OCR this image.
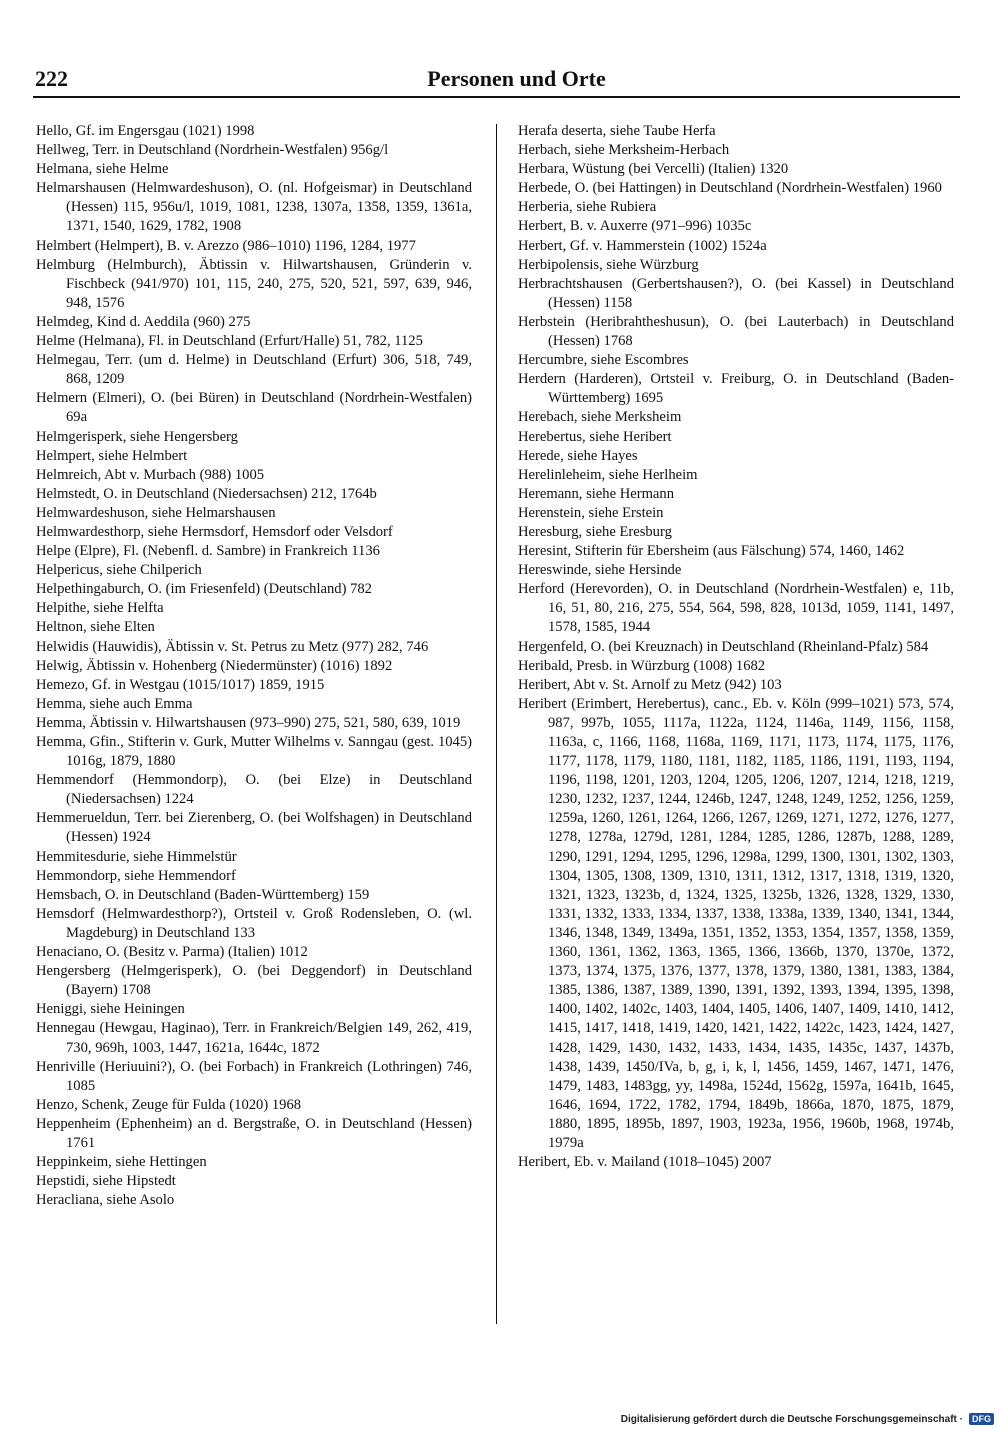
222	Personen und Orte

Hello, Gf. im Engersgau (1021) 1998

Hellweg, Terr. in Deutschland (Nordrhein-Westfalen) 956g/l

Helmana, siehe Helme

Helmarshausen (Helmwardeshuson), O. (nl. Hofgeismar) in Deutschland (Hessen) 115, 956u/l, 1019, 1081, 1238, 1307a, 1358, 1359, 1361a, 1371, 1540, 1629, 1782, 1908

Helmbert (Helmpert), B. v. Arezzo (986–1010) 1196, 1284, 1977

Helmburg (Helmburch), Äbtissin v. Hilwartshausen, Gründerin v. Fischbeck (941/970) 101, 115, 240, 275, 520, 521, 597, 639, 946, 948, 1576

Helmdeg, Kind d. Aeddila (960) 275

Helme (Helmana), Fl. in Deutschland (Erfurt/Halle) 51, 782, 1125

Helmegau, Terr. (um d. Helme) in Deutschland (Erfurt) 306, 518, 749, 868, 1209

Helmern (Elmeri), O. (bei Büren) in Deutschland (Nordrhein-Westfalen) 69a

Helmgerisperk, siehe Hengersberg

Helmpert, siehe Helmbert

Helmreich, Abt v. Murbach (988) 1005

Helmstedt, O. in Deutschland (Niedersachsen) 212, 1764b

Helmwardeshuson, siehe Helmarshausen

Helmwardesthorp, siehe Hermsdorf, Hemsdorf oder Velsdorf

Helpe (Elpre), Fl. (Nebenfl. d. Sambre) in Frankreich 1136

Helpericus, siehe Chilperich

Helpethingaburch, O. (im Friesenfeld) (Deutschland) 782

Helpithe, siehe Helfta

Heltnon, siehe Elten

Helwidis (Hauwidis), Äbtissin v. St. Petrus zu Metz (977) 282, 746

Helwig, Äbtissin v. Hohenberg (Niedermünster) (1016) 1892

Hemezo, Gf. in Westgau (1015/1017) 1859, 1915

Hemma, siehe auch Emma

Hemma, Äbtissin v. Hilwartshausen (973–990) 275, 521, 580, 639, 1019

Hemma, Gfin., Stifterin v. Gurk, Mutter Wilhelms v. Sanngau (gest. 1045) 1016g, 1879, 1880

Hemmendorf (Hemmondorp), O. (bei Elze) in Deutschland (Niedersachsen) 1224

Hemmerueldun, Terr. bei Zierenberg, O. (bei Wolfshagen) in Deutschland (Hessen) 1924

Hemmitesdurie, siehe Himmelstür

Hemmondorp, siehe Hemmendorf

Hemsbach, O. in Deutschland (Baden-Württemberg) 159

Hemsdorf (Helmwardesthorp?), Ortsteil v. Groß Rodensleben, O. (wl. Magdeburg) in Deutschland 133

Henaciano, O. (Besitz v. Parma) (Italien) 1012

Hengersberg (Helmgerisperk), O. (bei Deggendorf) in Deutschland (Bayern) 1708

Heniggi, siehe Heiningen

Hennegau (Hewgau, Haginao), Terr. in Frankreich/Belgien 149, 262, 419, 730, 969h, 1003, 1447, 1621a, 1644c, 1872

Henriville (Heriuuini?), O. (bei Forbach) in Frankreich (Lothringen) 746, 1085

Henzo, Schenk, Zeuge für Fulda (1020) 1968

Heppenheim (Ephenheim) an d. Bergstraße, O. in Deutschland (Hessen) 1761

Heppinkeim, siehe Hettingen

Hepstidi, siehe Hipstedt

Heracliana, siehe Asolo

Herafa deserta, siehe Taube Herfa

Herbach, siehe Merksheim-Herbach

Herbara, Wüstung (bei Vercelli) (Italien) 1320

Herbede, O. (bei Hattingen) in Deutschland (Nordrhein-Westfalen) 1960

Herberia, siehe Rubiera

Herbert, B. v. Auxerre (971–996) 1035c

Herbert, Gf. v. Hammerstein (1002) 1524a

Herbipolensis, siehe Würzburg

Herbrachtshausen (Gerbertshausen?), O. (bei Kassel) in Deutschland (Hessen) 1158

Herbstein (Heribrahtheshusun), O. (bei Lauterbach) in Deutschland (Hessen) 1768

Hercumbre, siehe Escombres

Herdern (Harderen), Ortsteil v. Freiburg, O. in Deutschland (Baden-Württemberg) 1695

Herebach, siehe Merksheim

Herebertus, siehe Heribert

Herede, siehe Hayes

Herelinleheim, siehe Herlheim

Heremann, siehe Hermann

Herenstein, siehe Erstein

Heresburg, siehe Eresburg

Heresint, Stifterin für Ebersheim (aus Fälschung) 574, 1460, 1462

Hereswinde, siehe Hersinde

Herford (Herevorden), O. in Deutschland (Nordrhein-Westfalen) e, 11b, 16, 51, 80, 216, 275, 554, 564, 598, 828, 1013d, 1059, 1141, 1497, 1578, 1585, 1944

Hergenfeld, O. (bei Kreuznach) in Deutschland (Rheinland-Pfalz) 584

Heribald, Presb. in Würzburg (1008) 1682

Heribert, Abt v. St. Arnolf zu Metz (942) 103

Heribert (Erimbert, Herebertus), canc., Eb. v. Köln (999–1021) 573, 574, 987, 997b, 1055, 1117a, 1122a, 1124, 1146a, 1149, 1156, 1158, 1163a, c, 1166, 1168, 1168a, 1169, 1171, 1173, 1174, 1175, 1176, 1177, 1178, 1179, 1180, 1181, 1182, 1185, 1186, 1191, 1193, 1194, 1196, 1198, 1201, 1203, 1204, 1205, 1206, 1207, 1214, 1218, 1219, 1230, 1232, 1237, 1244, 1246b, 1247, 1248, 1249, 1252, 1256, 1259, 1259a, 1260, 1261, 1264, 1266, 1267, 1269, 1271, 1272, 1276, 1277, 1278, 1278a, 1279d, 1281, 1284, 1285, 1286, 1287b, 1288, 1289, 1290, 1291, 1294, 1295, 1296, 1298a, 1299, 1300, 1301, 1302, 1303, 1304, 1305, 1308, 1309, 1310, 1311, 1312, 1317, 1318, 1319, 1320, 1321, 1323, 1323b, d, 1324, 1325, 1325b, 1326, 1328, 1329, 1330, 1331, 1332, 1333, 1334, 1337, 1338, 1338a, 1339, 1340, 1341, 1344, 1346, 1348, 1349, 1349a, 1351, 1352, 1353, 1354, 1357, 1358, 1359, 1360, 1361, 1362, 1363, 1365, 1366, 1366b, 1370, 1370e, 1372, 1373, 1374, 1375, 1376, 1377, 1378, 1379, 1380, 1381, 1383, 1384, 1385, 1386, 1387, 1389, 1390, 1391, 1392, 1393, 1394, 1395, 1398, 1400, 1402, 1402c, 1403, 1404, 1405, 1406, 1407, 1409, 1410, 1412, 1415, 1417, 1418, 1419, 1420, 1421, 1422, 1422c, 1423, 1424, 1427, 1428, 1429, 1430, 1432, 1433, 1434, 1435, 1435c, 1437, 1437b, 1438, 1439, 1450/IVa, b, g, i, k, l, 1456, 1459, 1467, 1471, 1476, 1479, 1483, 1483gg, yy, 1498a, 1524d, 1562g, 1597a, 1641b, 1645, 1646, 1694, 1722, 1782, 1794, 1849b, 1866a, 1870, 1875, 1879, 1880, 1895, 1895b, 1897, 1903, 1923a, 1956, 1960b, 1968, 1974b, 1979a

Heribert, Eb. v. Mailand (1018–1045) 2007

Digitalisierung gefördert durch die Deutsche Forschungsgemeinschaft ·	DFG
